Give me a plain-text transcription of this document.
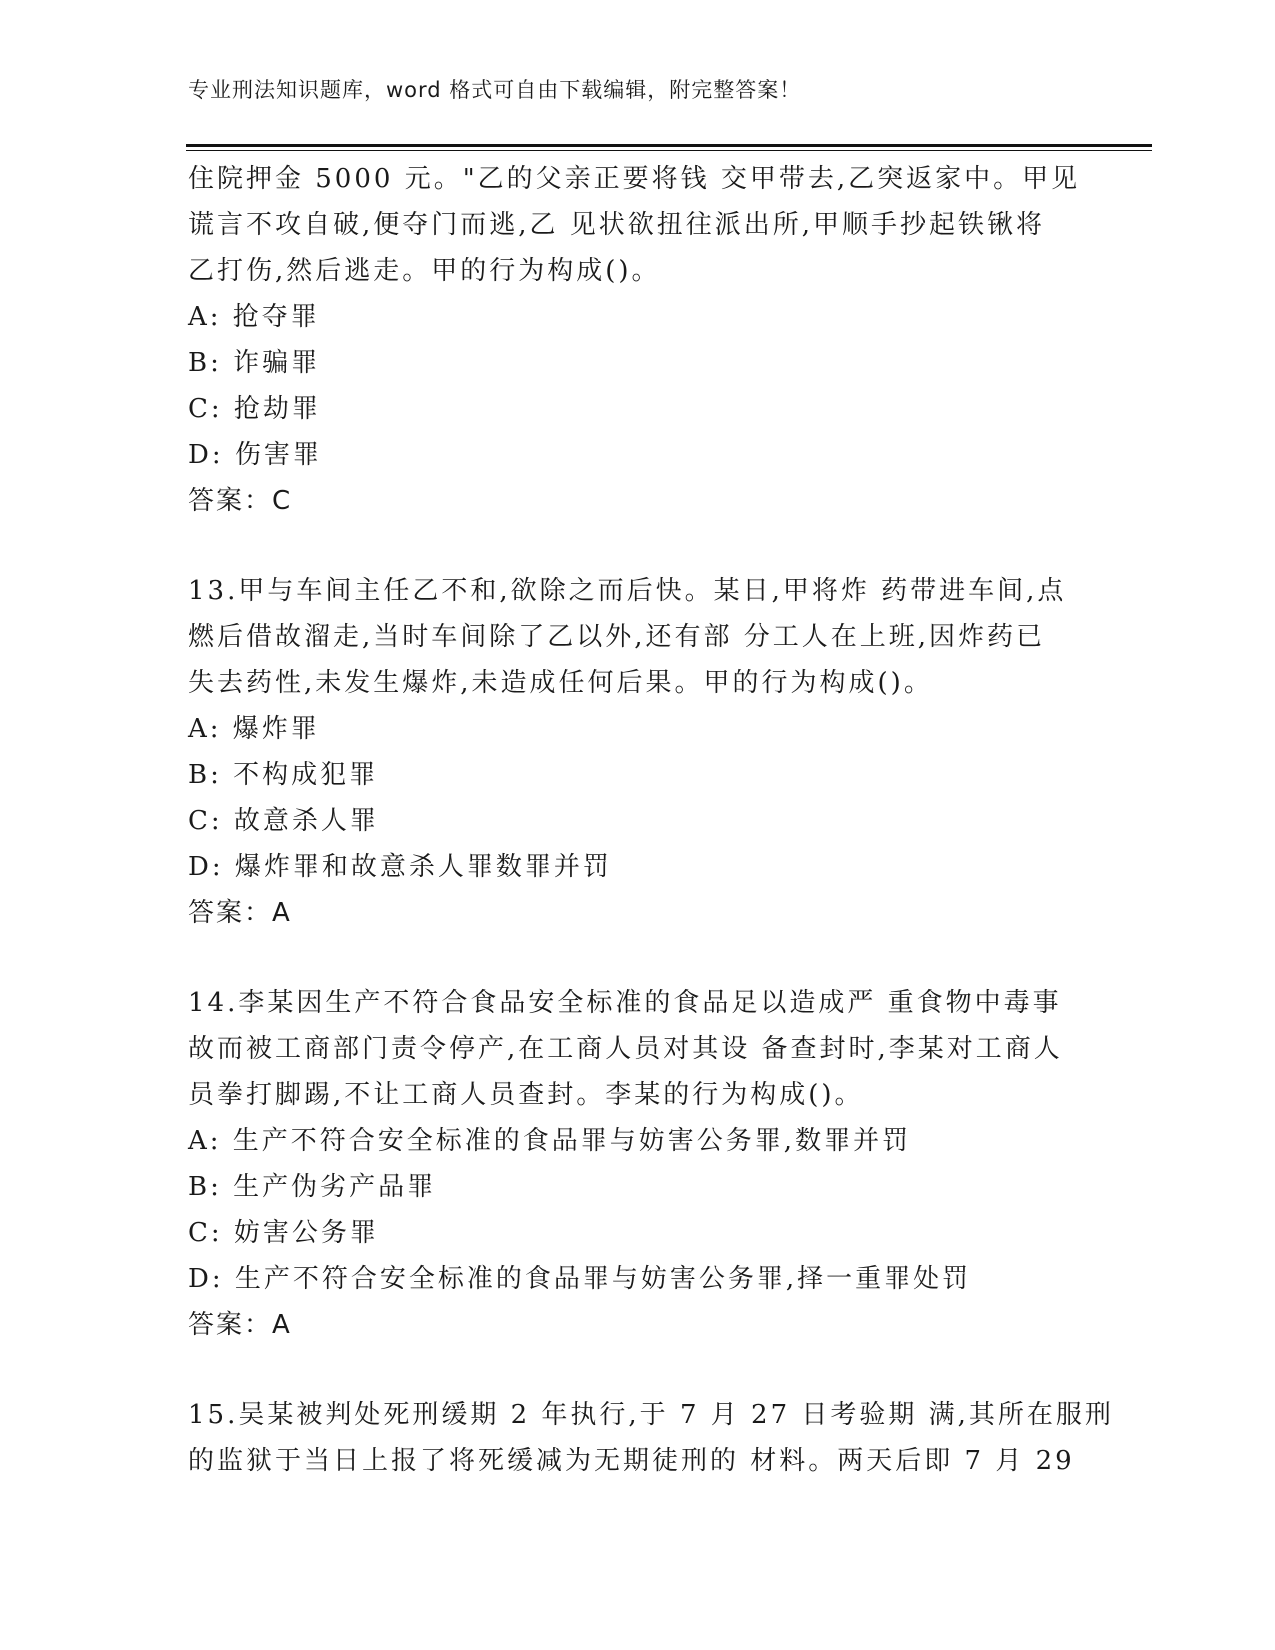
专业刑法知识题库，word 格式可自由下载编辑，附完整答案！
住院押金 5000 元。"乙的父亲正要将钱 交甲带去,乙突返家中。甲见
谎言不攻自破,便夺门而逃,乙 见状欲扭往派出所,甲顺手抄起铁锹将
乙打伤,然后逃走。甲的行为构成()。
A: 抢夺罪
B: 诈骗罪
C: 抢劫罪
D: 伤害罪
答案：C
13.甲与车间主任乙不和,欲除之而后快。某日,甲将炸 药带进车间,点
燃后借故溜走,当时车间除了乙以外,还有部 分工人在上班,因炸药已
失去药性,未发生爆炸,未造成任何后果。甲的行为构成()。
A: 爆炸罪
B: 不构成犯罪
C: 故意杀人罪
D: 爆炸罪和故意杀人罪数罪并罚
答案：A
14.李某因生产不符合食品安全标准的食品足以造成严 重食物中毒事
故而被工商部门责令停产,在工商人员对其设 备查封时,李某对工商人
员拳打脚踢,不让工商人员查封。李某的行为构成()。
A: 生产不符合安全标准的食品罪与妨害公务罪,数罪并罚
B: 生产伪劣产品罪
C: 妨害公务罪
D: 生产不符合安全标准的食品罪与妨害公务罪,择一重罪处罚
答案：A
15.吴某被判处死刑缓期 2 年执行,于 7 月 27 日考验期 满,其所在服刑
的监狱于当日上报了将死缓减为无期徒刑的 材料。两天后即 7 月 29
